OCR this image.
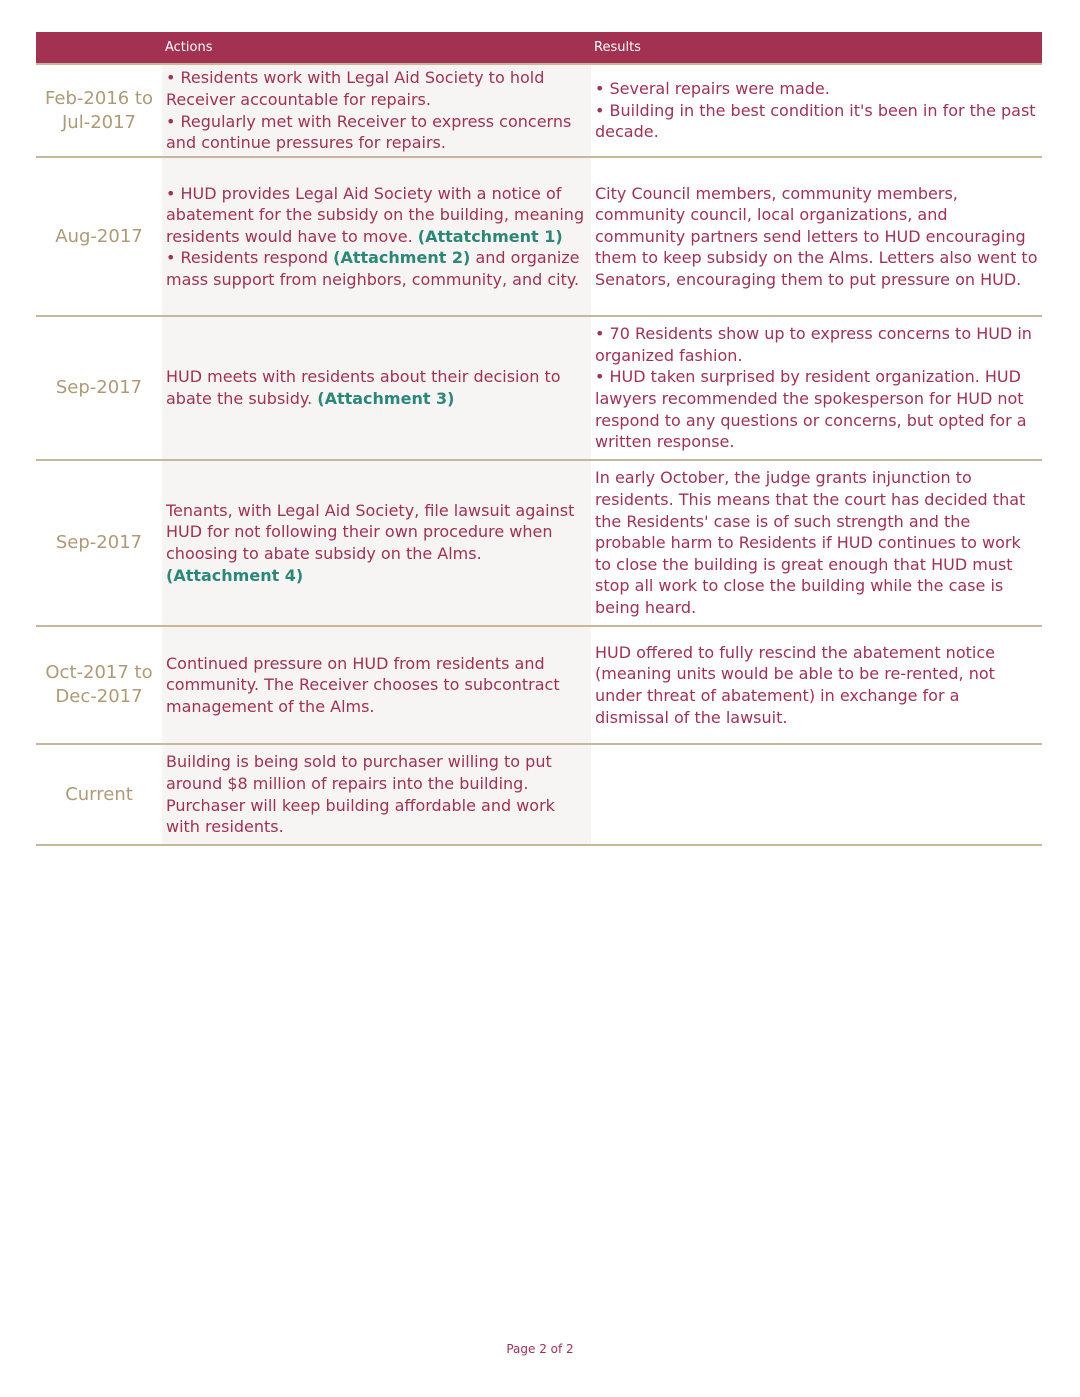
Actions	Results
Feb-2016 to
Jul-2017
• Residents work with Legal Aid Society to hold Receiver accountable for repairs.
• Regularly met with Receiver to express concerns and continue pressures for repairs.
• Several repairs were made.
• Building in the best condition it's been in for the past decade.
Aug-2017
• HUD provides Legal Aid Society with a notice of abatement for the subsidy on the building, meaning residents would have to move. (Attatchment 1)
• Residents respond (Attachment 2) and organize mass support from neighbors, community, and city.
City Council members, community members, community council, local organizations, and community partners send letters to HUD encouraging them to keep subsidy on the Alms. Letters also went to Senators, encouraging them to put pressure on HUD.
Sep-2017
HUD meets with residents about their decision to abate the subsidy. (Attachment 3)
• 70 Residents show up to express concerns to HUD in organized fashion.
• HUD taken surprised by resident organization. HUD lawyers recommended the spokesperson for HUD not respond to any questions or concerns, but opted for a written response.
Sep-2017
Tenants, with Legal Aid Society, file lawsuit against HUD for not following their own procedure when choosing to abate subsidy on the Alms. (Attachment 4)
In early October, the judge grants injunction to residents. This means that the court has decided that the Residents' case is of such strength and the probable harm to Residents if HUD continues to work to close the building is great enough that HUD must stop all work to close the building while the case is being heard.
Oct-2017 to
Dec-2017
Continued pressure on HUD from residents and community. The Receiver chooses to subcontract management of the Alms.
HUD offered to fully rescind the abatement notice (meaning units would be able to be re-rented, not under threat of abatement) in exchange for a dismissal of the lawsuit.
Current
Building is being sold to purchaser willing to put around $8 million of repairs into the building. Purchaser will keep building affordable and work with residents.
Page 2 of 2
